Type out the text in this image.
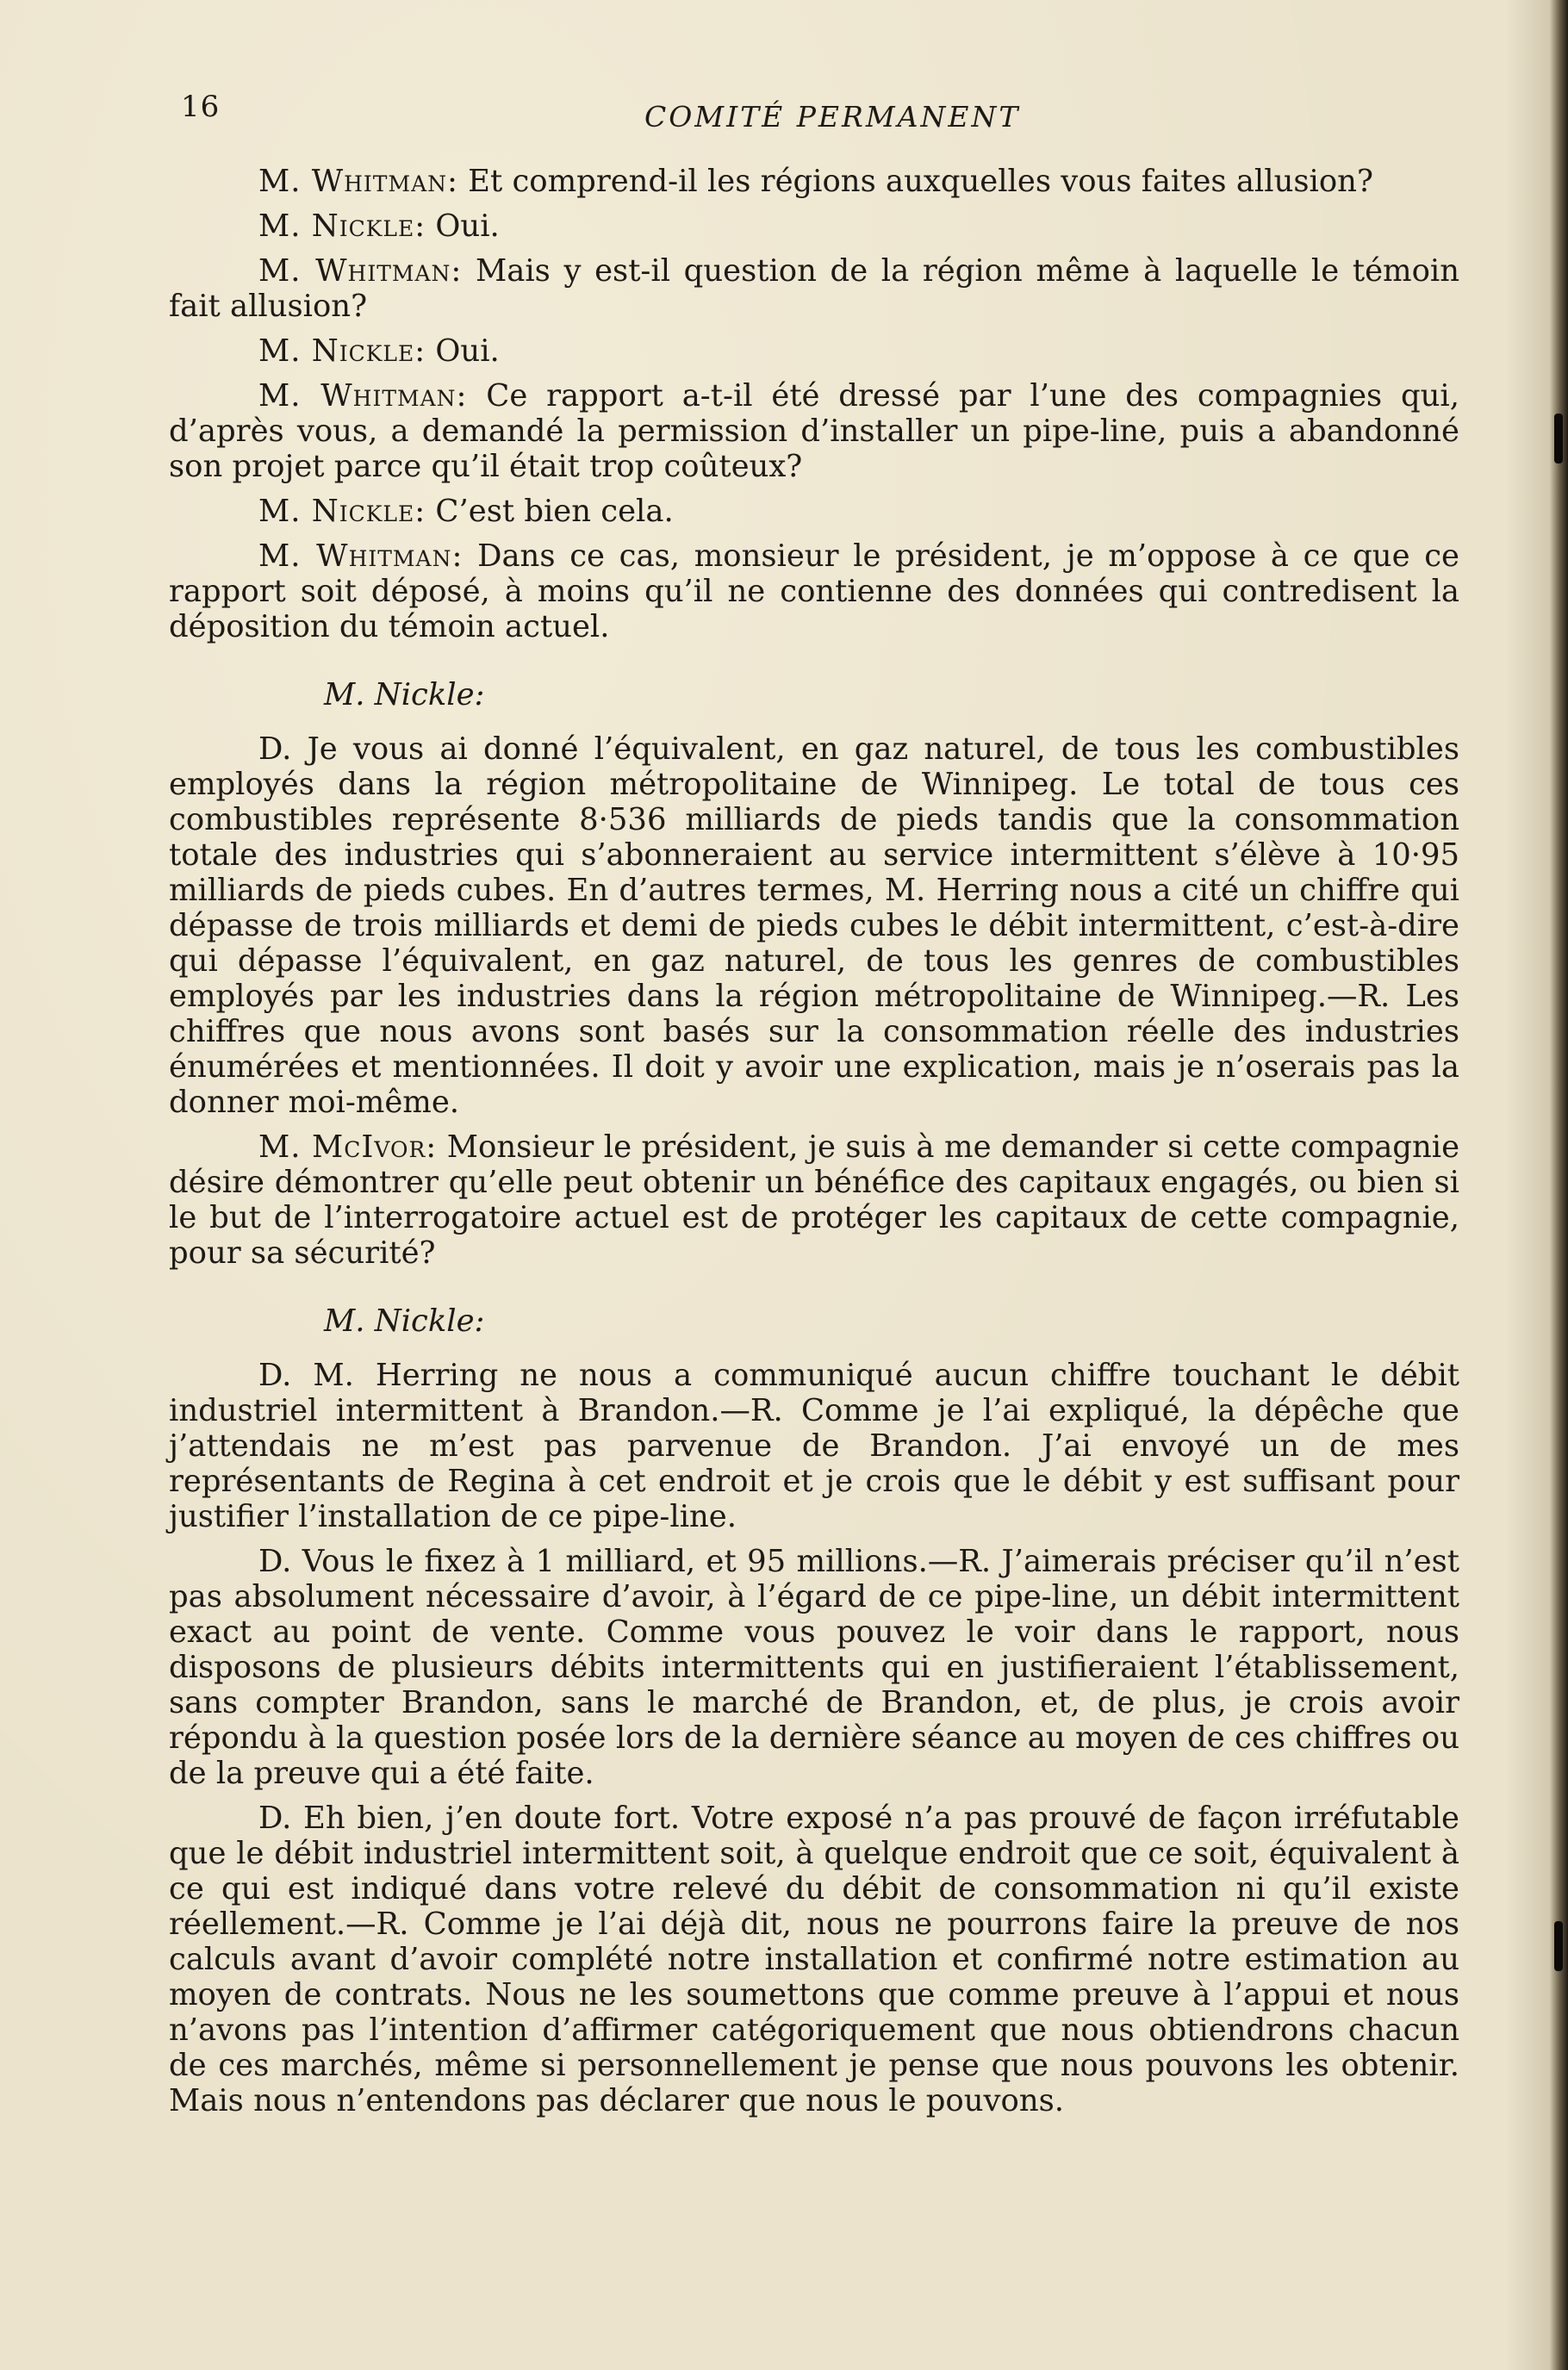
16	COMITÉ PERMANENT

M. Whitman: Et comprend-il les régions auxquelles vous faites allusion?

M. Nickle: Oui.

M. Whitman: Mais y est-il question de la région même à laquelle le témoin fait allusion?

M. Nickle: Oui.

M. Whitman: Ce rapport a-t-il été dressé par l’une des compagnies qui, d’après vous, a demandé la permission d’installer un pipe-line, puis a abandonné son projet parce qu’il était trop coûteux?

M. Nickle: C’est bien cela.

M. Whitman: Dans ce cas, monsieur le président, je m’oppose à ce que ce rapport soit déposé, à moins qu’il ne contienne des données qui contredisent la déposition du témoin actuel.

M. Nickle:

D. Je vous ai donné l’équivalent, en gaz naturel, de tous les combustibles employés dans la région métropolitaine de Winnipeg. Le total de tous ces combustibles représente 8·536 milliards de pieds tandis que la consommation totale des industries qui s’abonneraient au service intermittent s’élève à 10·95 milliards de pieds cubes. En d’autres termes, M. Herring nous a cité un chiffre qui dépasse de trois milliards et demi de pieds cubes le débit intermittent, c’est-à-dire qui dépasse l’équivalent, en gaz naturel, de tous les genres de combustibles employés par les industries dans la région métropolitaine de Winnipeg.—R. Les chiffres que nous avons sont basés sur la consommation réelle des industries énumérées et mentionnées. Il doit y avoir une explication, mais je n’oserais pas la donner moi-même.

M. McIvor: Monsieur le président, je suis à me demander si cette compagnie désire démontrer qu’elle peut obtenir un bénéfice des capitaux engagés, ou bien si le but de l’interrogatoire actuel est de protéger les capitaux de cette compagnie, pour sa sécurité?

M. Nickle:

D. M. Herring ne nous a communiqué aucun chiffre touchant le débit industriel intermittent à Brandon.—R. Comme je l’ai expliqué, la dépêche que j’attendais ne m’est pas parvenue de Brandon. J’ai envoyé un de mes représentants de Regina à cet endroit et je crois que le débit y est suffisant pour justifier l’installation de ce pipe-line.

D. Vous le fixez à 1 milliard, et 95 millions.—R. J’aimerais préciser qu’il n’est pas absolument nécessaire d’avoir, à l’égard de ce pipe-line, un débit intermittent exact au point de vente. Comme vous pouvez le voir dans le rapport, nous disposons de plusieurs débits intermittents qui en justifieraient l’établissement, sans compter Brandon, sans le marché de Brandon, et, de plus, je crois avoir répondu à la question posée lors de la dernière séance au moyen de ces chiffres ou de la preuve qui a été faite.

D. Eh bien, j’en doute fort. Votre exposé n’a pas prouvé de façon irréfutable que le débit industriel intermittent soit, à quelque endroit que ce soit, équivalent à ce qui est indiqué dans votre relevé du débit de consommation ni qu’il existe réellement.—R. Comme je l’ai déjà dit, nous ne pourrons faire la preuve de nos calculs avant d’avoir complété notre installation et confirmé notre estimation au moyen de contrats. Nous ne les soumettons que comme preuve à l’appui et nous n’avons pas l’intention d’affirmer catégoriquement que nous obtiendrons chacun de ces marchés, même si personnellement je pense que nous pouvons les obtenir. Mais nous n’entendons pas déclarer que nous le pouvons.
